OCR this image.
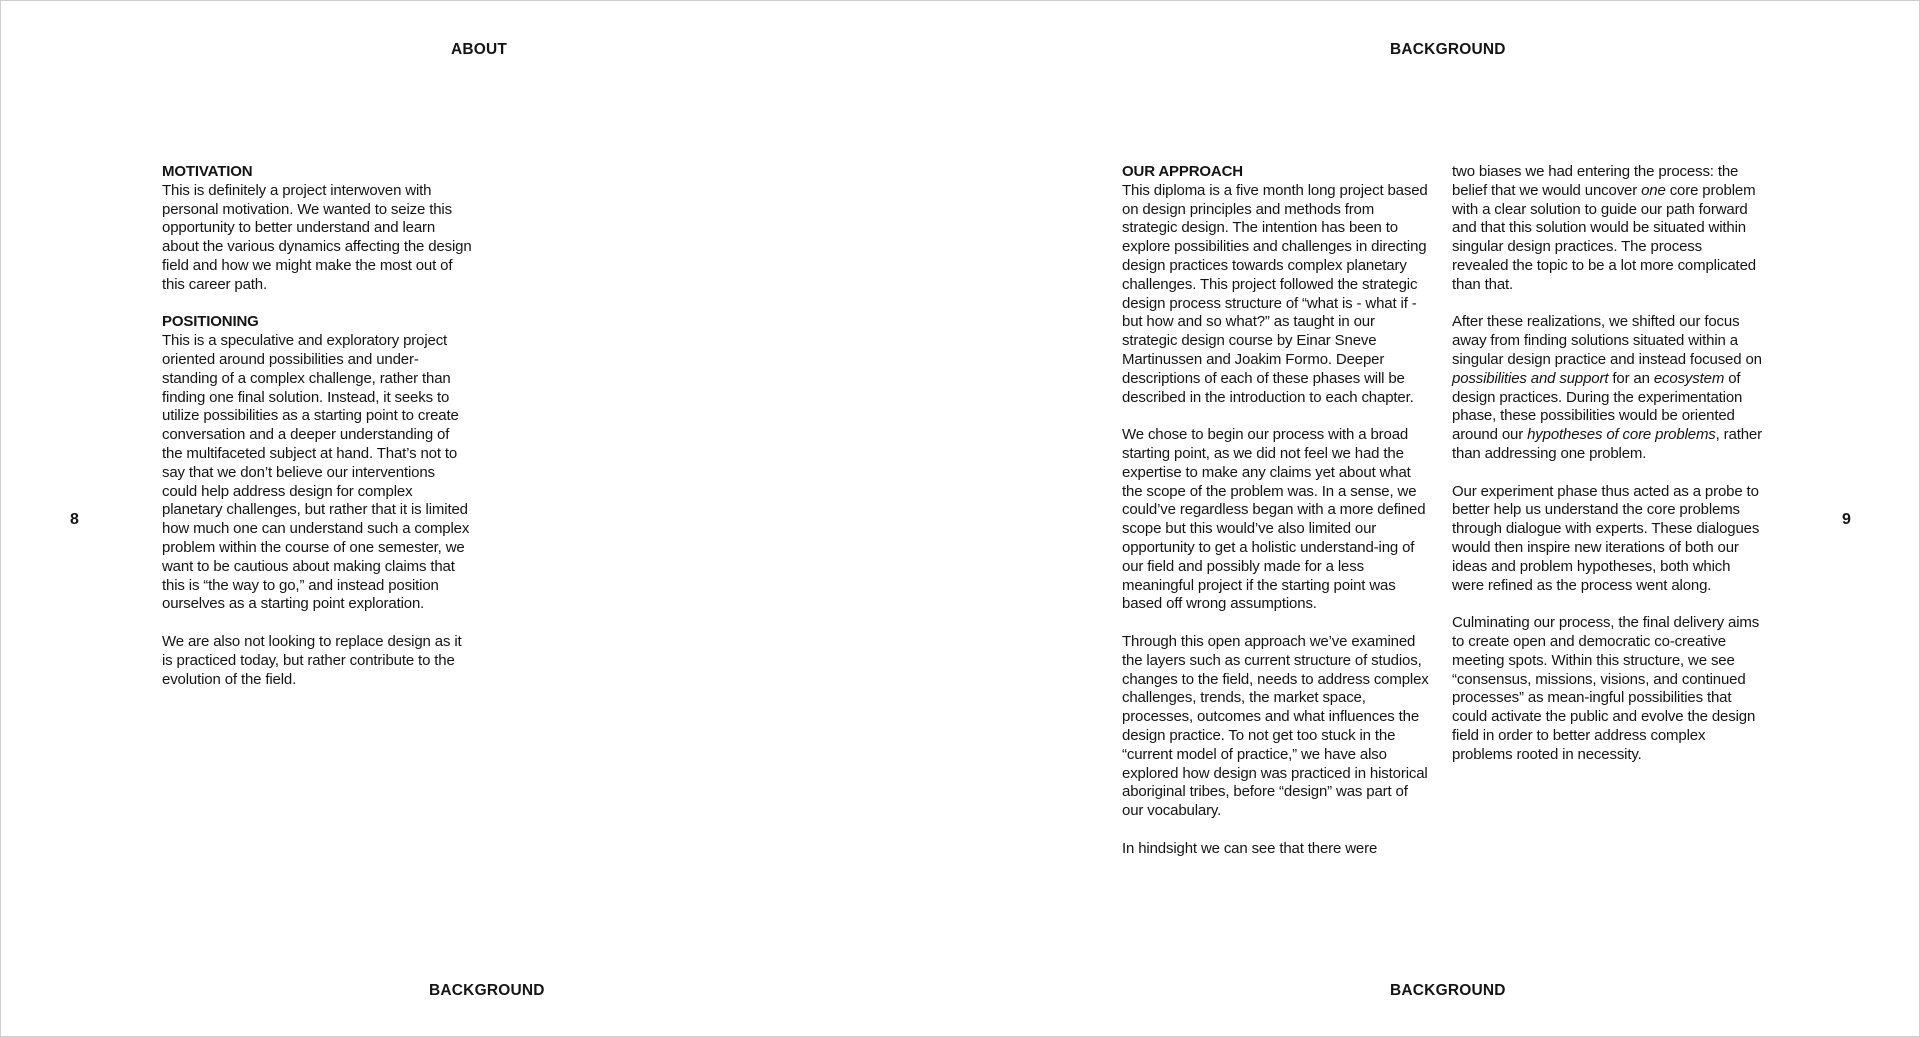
ABOUT
8

MOTIVATION
This is definitely a project interwoven with personal motivation. We wanted to seize this opportunity to better understand and learn about the various dynamics affecting the design field and how we might make the most out of this career path.

POSITIONING
This is a speculative and exploratory project oriented around possibilities and under-standing of a complex challenge, rather than finding one final solution. Instead, it seeks to utilize possibilities as a starting point to create conversation and a deeper understanding of the multifaceted subject at hand. That’s not to say that we don’t believe our interventions could help address design for complex planetary challenges, but rather that it is limited how much one can understand such a complex problem within the course of one semester, we want to be cautious about making claims that this is “the way to go,” and instead position ourselves as a starting point exploration.

We are also not looking to replace design as it is practiced today, but rather contribute to the evolution of the field.

BACKGROUND
BACKGROUND
9

OUR APPROACH
This diploma is a five month long project based on design principles and methods from strategic design. The intention has been to explore possibilities and challenges in directing design practices towards complex planetary challenges. This project followed the strategic design process structure of “what is - what if - but how and so what?” as taught in our strategic design course by Einar Sneve Martinussen and Joakim Formo. Deeper descriptions of each of these phases will be described in the introduction to each chapter.

We chose to begin our process with a broad starting point, as we did not feel we had the expertise to make any claims yet about what the scope of the problem was. In a sense, we could’ve regardless began with a more defined scope but this would’ve also limited our opportunity to get a holistic understand-ing of our field and possibly made for a less meaningful project if the starting point was based off wrong assumptions.

Through this open approach we’ve examined the layers such as current structure of studios, changes to the field, needs to address complex challenges, trends, the market space, processes, outcomes and what influences the design practice. To not get too stuck in the “current model of practice,” we have also explored how design was practiced in historical aboriginal tribes, before “design” was part of our vocabulary.

In hindsight we can see that there were

two biases we had entering the process: the belief that we would uncover one core problem with a clear solution to guide our path forward and that this solution would be situated within singular design practices. The process revealed the topic to be a lot more complicated than that.

After these realizations, we shifted our focus away from finding solutions situated within a singular design practice and instead focused on possibilities and support for an ecosystem of design practices. During the experimentation phase, these possibilities would be oriented around our hypotheses of core problems, rather than addressing one problem.

Our experiment phase thus acted as a probe to better help us understand the core problems through dialogue with experts. These dialogues would then inspire new iterations of both our ideas and problem hypotheses, both which were refined as the process went along.

Culminating our process, the final delivery aims to create open and democratic co-creative meeting spots. Within this structure, we see “consensus, missions, visions, and continued processes” as mean-ingful possibilities that could activate the public and evolve the design field in order to better address complex problems rooted in necessity.

BACKGROUND
